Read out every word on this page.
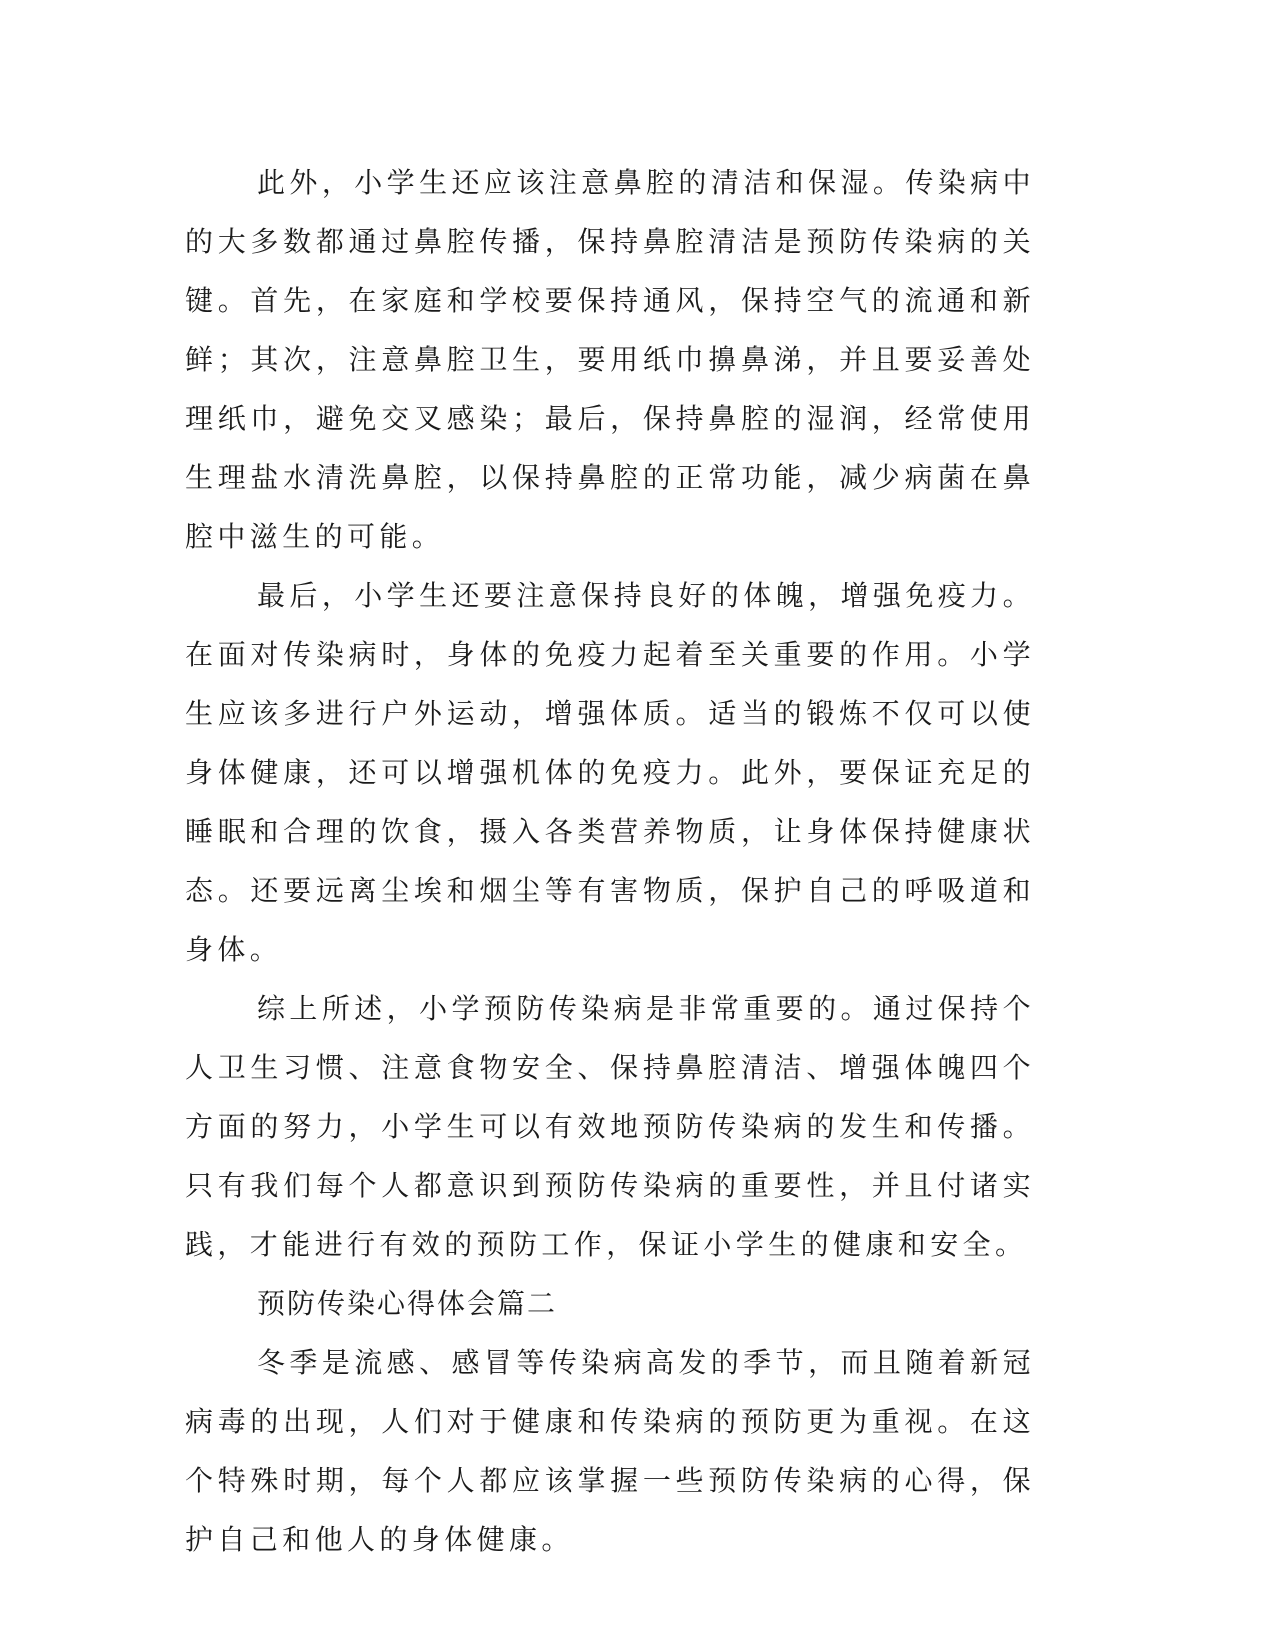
此外，小学生还应该注意鼻腔的清洁和保湿。传染病中的大多数都通过鼻腔传播，保持鼻腔清洁是预防传染病的关键。首先，在家庭和学校要保持通风，保持空气的流通和新鲜；其次，注意鼻腔卫生，要用纸巾擤鼻涕，并且要妥善处理纸巾，避免交叉感染；最后，保持鼻腔的湿润，经常使用生理盐水清洗鼻腔，以保持鼻腔的正常功能，减少病菌在鼻腔中滋生的可能。

最后，小学生还要注意保持良好的体魄，增强免疫力。在面对传染病时，身体的免疫力起着至关重要的作用。小学生应该多进行户外运动，增强体质。适当的锻炼不仅可以使身体健康，还可以增强机体的免疫力。此外，要保证充足的睡眠和合理的饮食，摄入各类营养物质，让身体保持健康状态。还要远离尘埃和烟尘等有害物质，保护自己的呼吸道和身体。

综上所述，小学预防传染病是非常重要的。通过保持个人卫生习惯、注意食物安全、保持鼻腔清洁、增强体魄四个方面的努力，小学生可以有效地预防传染病的发生和传播。只有我们每个人都意识到预防传染病的重要性，并且付诸实践，才能进行有效的预防工作，保证小学生的健康和安全。

预防传染心得体会篇二

冬季是流感、感冒等传染病高发的季节，而且随着新冠病毒的出现，人们对于健康和传染病的预防更为重视。在这个特殊时期，每个人都应该掌握一些预防传染病的心得，保护自己和他人的身体健康。
